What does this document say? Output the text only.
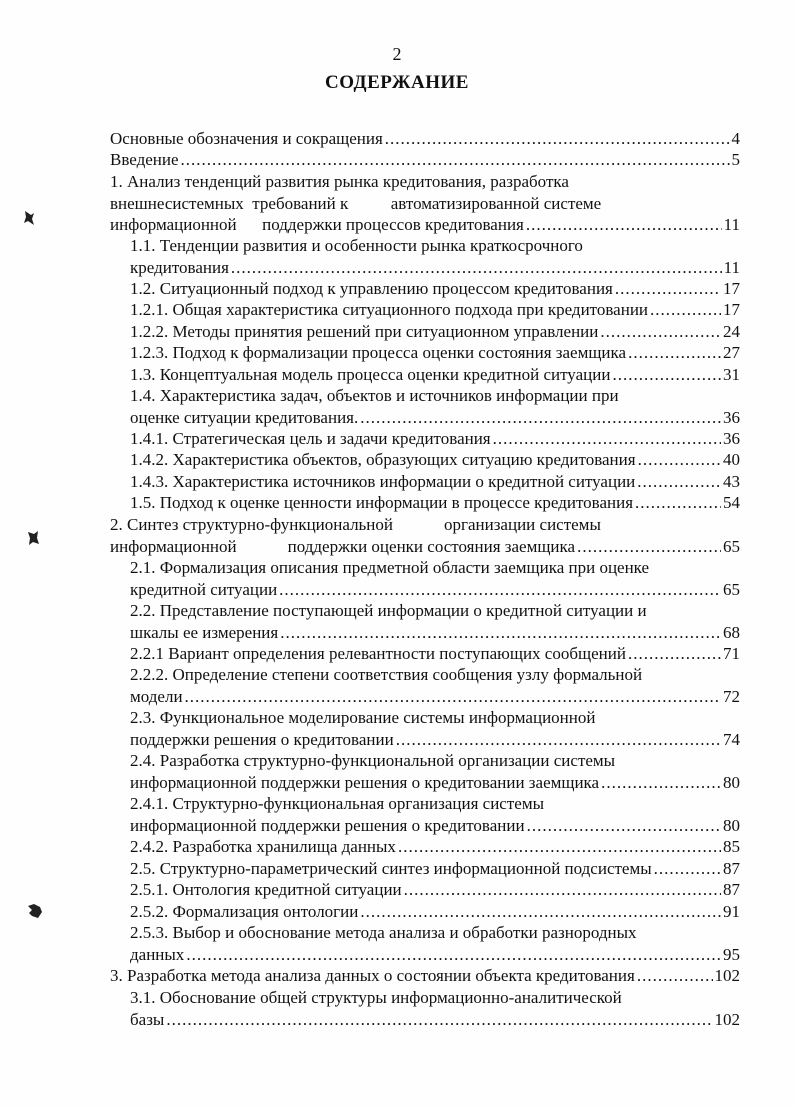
2
СОДЕРЖАНИЕ
Основные обозначения и сокращения .....	4
Введение .....	5
1. Анализ тенденций развития рынка кредитования, разработка
внешнесистемных  требований к          автоматизированной системе
информационной      поддержки процессов кредитования .....	11
1.1. Тенденции развития и особенности рынка краткосрочного
кредитования .....	11
1.2. Ситуационный подход к управлению процессом кредитования .....	17
1.2.1. Общая характеристика ситуационного подхода при кредитовании .....	17
1.2.2. Методы принятия решений при ситуационном управлении .....	24
1.2.3. Подход к формализации процесса оценки состояния заемщика .....	27
1.3. Концептуальная модель процесса оценки кредитной ситуации .....	31
1.4. Характеристика задач, объектов и источников информации при
оценке ситуации кредитования. .....	36
1.4.1. Стратегическая цель и задачи кредитования .....	36
1.4.2. Характеристика объектов, образующих ситуацию кредитования .....	40
1.4.3. Характеристика источников информации о кредитной ситуации .....	43
1.5. Подход к оценке ценности информации в процессе кредитования .....	54
2. Синтез структурно-функциональной            организации системы
информационной            поддержки оценки состояния заемщика .....	65
2.1. Формализация описания предметной области заемщика при оценке
кредитной ситуации .....	65
2.2. Представление поступающей информации о кредитной ситуации и
шкалы ее измерения .....	68
2.2.1 Вариант определения релевантности поступающих сообщений .....	71
2.2.2. Определение степени соответствия сообщения узлу формальной
модели .....	72
2.3. Функциональное моделирование системы информационной
поддержки решения о кредитовании .....	74
2.4. Разработка структурно-функциональной организации системы
информационной поддержки решения о кредитовании заемщика .....	80
2.4.1. Структурно-функциональная организация системы
информационной поддержки решения о кредитовании .....	80
2.4.2. Разработка хранилища данных .....	85
2.5. Структурно-параметрический синтез информационной подсистемы .....	87
2.5.1. Онтология кредитной ситуации .....	87
2.5.2. Формализация онтологии .....	91
2.5.3. Выбор и обоснование метода анализа и обработки разнородных
данных .....	95
3. Разработка метода анализа данных о состоянии объекта кредитования .....	102
3.1. Обоснование общей структуры информационно-аналитической
базы .....	102
